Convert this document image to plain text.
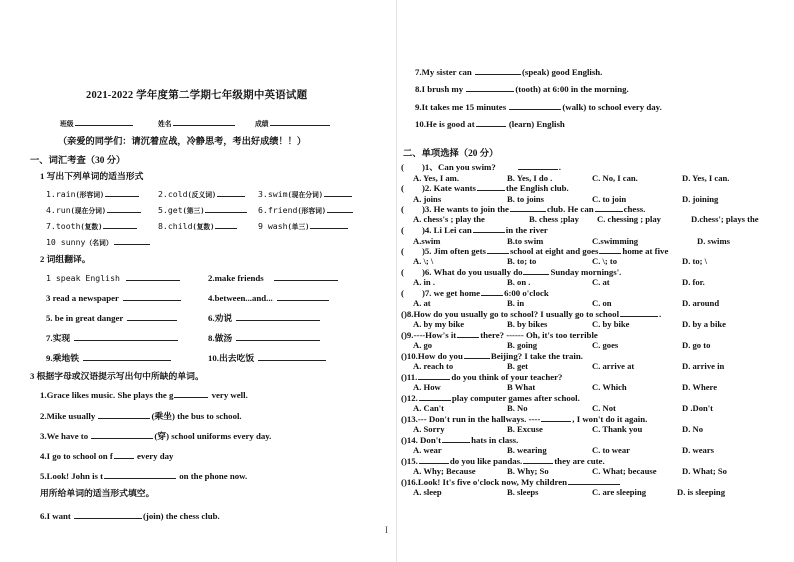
2021-2022 学年度第二学期七年级期中英语试题
班级	姓名	成绩
（亲爱的同学们：请沉着应战，冷静思考，考出好成绩！！）
一、词汇考查（30 分）
1 写出下列单词的适当形式
1.rain(形容词)	2.cold(反义词)	3.swim(现在分词)
4.run(现在分词)	5.get(第三)	6.friend(形容词)
7.tooth(复数)	8.child(复数)	9 wash(单三)
10 sunny（名词）
2 词组翻译。
1 speak English	2.make friends
3 read a newspaper	4.between...and...
5. be in great danger	6.劝说
7.实现	8.做汤
9.乘地铁	10.出去吃饭
3 根据字母或汉语提示写出句中所缺的单词。
1.Grace likes music. She plays the g	very well.
2.Mike usually	(乘坐) the bus to school.
3.We have to	(穿) school uniforms every day.
4.I go to school on f	every day
5.Look! John is t	on the phone now.
用所给单词的适当形式填空。
6.I want	(join) the chess club.
I
7.My sister can	(speak) good English.
8.I brush my	(tooth) at 6:00 in the morning.
9.It takes me 15 minutes	(walk) to school every day.
10.He is good at	(learn) English
二、单项选择（20 分）
( )1、Can you swim?	.
A. Yes, I am.	B. Yes, I do .	C. No, I can.	D. Yes, I can.
( )2. Kate wants	the English club.
A. joins	B. to joins	C. to join	D. joining
( )3. He wants to join the	club. He can	chess.
A. chess's ; play the	B. chess ;play C. chessing ; play	D.chess'; plays the
( )4. Li Lei can	in the river
A.swim	B.to swim	C.swimming	D. swims
( )5. Jim often gets	school at eight and goes	home at five
A. \; \	B. to; to	C. \; to	D. to; \
( )6. What do you usually do	Sunday mornings'.
A. in .	B. on .	C. at	D. for.
( )7. we get home	6:00 o'clock
A. at	B. in	C. on	D. around
()8.How do you usually go to school? I usually go to school	.
A. by my bike	B. by bikes	C. by bike	D. by a bike
()9.----How's it	there? ------ Oh, it's too terrible
A. go	B. going	C. goes	D. go to
()10.How do you	Beijing? I take the train.
A. reach to	B. get	C. arrive at	D. arrive in
()11.	do you think of your teacher?
A. How	B What	C. Which	D. Where
()12.	play computer games after school.
A. Can't	B. No	C. Not	D .Don't
()13.--- Don't run in the hallways. ----	, I won't do it again.
A. Sorry	B. Excuse	C. Thank you	D. No
()14. Don't	hats in class.
A. wear	B. wearing	C. to wear	D. wears
()15.	do you like pandas.	they are cute.
A. Why; Because	B. Why; So	C. What; because	D. What; So
()16.Look! It's five o'clock now, My children
A. sleep	B. sleeps	C. are sleeping	D. is sleeping
